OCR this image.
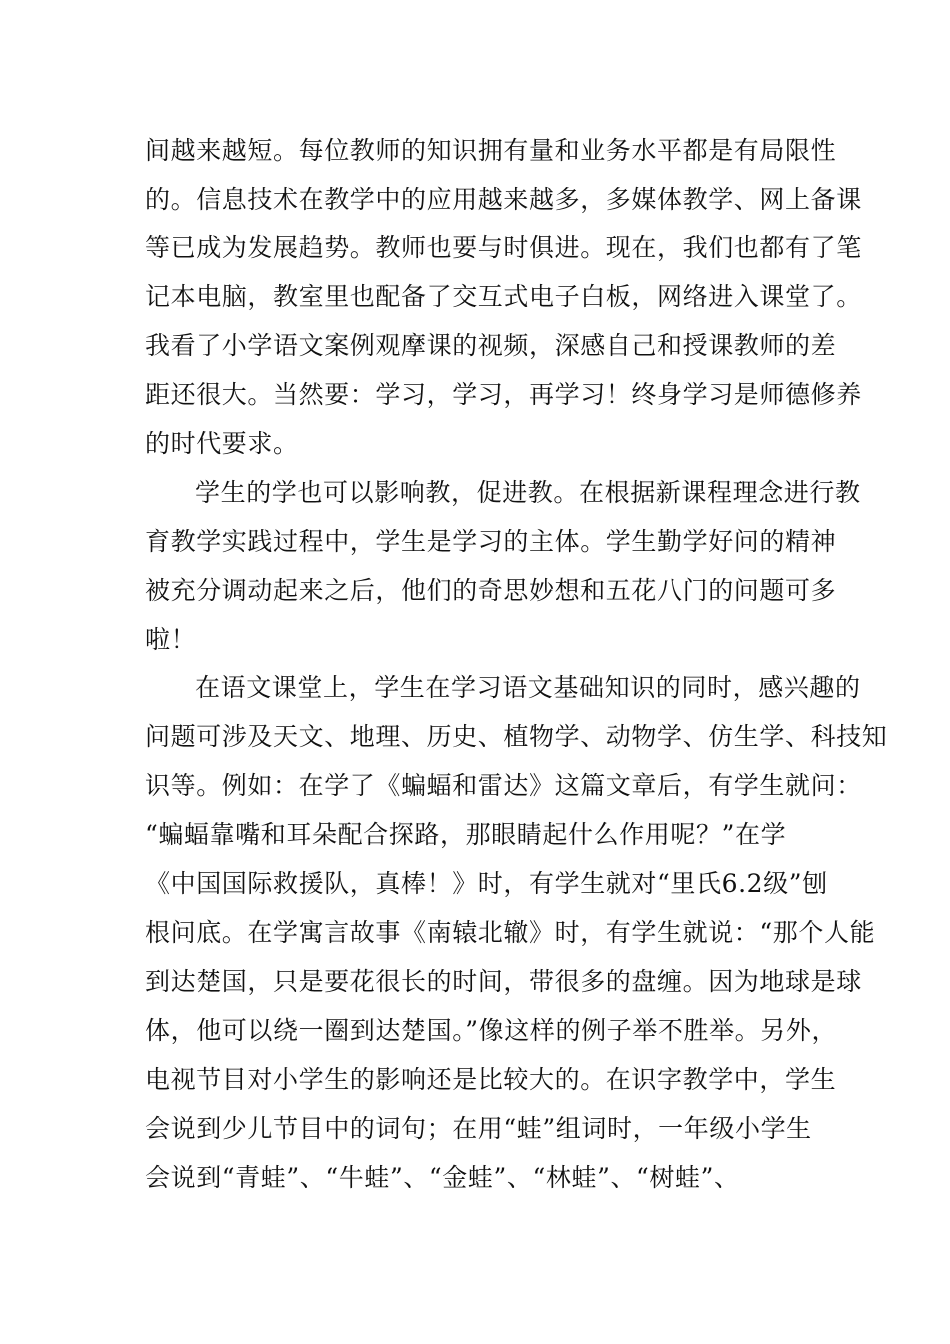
间越来越短。每位教师的知识拥有量和业务水平都是有局限性
的。信息技术在教学中的应用越来越多，多媒体教学、网上备课
等已成为发展趋势。教师也要与时俱进。现在，我们也都有了笔
记本电脑，教室里也配备了交互式电子白板，网络进入课堂了。
我看了小学语文案例观摩课的视频，深感自己和授课教师的差
距还很大。当然要：学习，学习，再学习！终身学习是师德修养
的时代要求。
学生的学也可以影响教，促进教。在根据新课程理念进行教
育教学实践过程中，学生是学习的主体。学生勤学好问的精神
被充分调动起来之后，他们的奇思妙想和五花八门的问题可多
啦！
在语文课堂上，学生在学习语文基础知识的同时，感兴趣的
问题可涉及天文、地理、历史、植物学、动物学、仿生学、科技知
识等。例如：在学了《蝙蝠和雷达》这篇文章后，有学生就问：
“蝙蝠靠嘴和耳朵配合探路，那眼睛起什么作用呢？”在学
《中国国际救援队，真棒！》时，有学生就对“里氏6.2级”刨
根问底。在学寓言故事《南辕北辙》时，有学生就说：“那个人能
到达楚国，只是要花很长的时间，带很多的盘缠。因为地球是球
体，他可以绕一圈到达楚国。”像这样的例子举不胜举。另外，
电视节目对小学生的影响还是比较大的。在识字教学中，学生
会说到少儿节目中的词句；在用“蛙”组词时，一年级小学生
会说到“青蛙”、“牛蛙”、“金蛙”、“林蛙”、“树蛙”、
